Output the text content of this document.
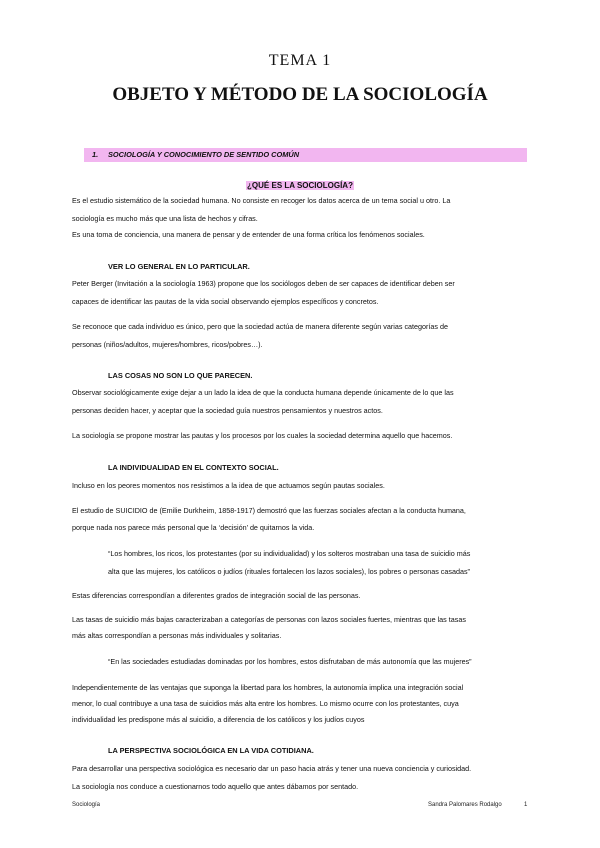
TEMA 1
OBJETO Y MÉTODO DE LA SOCIOLOGÍA
1. SOCIOLOGÍA Y CONOCIMIENTO DE SENTIDO COMÚN
¿QUÉ ES LA SOCIOLOGÍA?
Es el estudio sistemático de la sociedad humana. No consiste en recoger los datos acerca de un tema social u otro. La
sociología es mucho más que una lista de hechos y cifras.
Es una toma de conciencia, una manera de pensar y de entender de una forma crítica los fenómenos sociales.
VER LO GENERAL EN LO PARTICULAR.
Peter Berger (Invitación a la sociología 1963) propone que los sociólogos deben de ser capaces de identificar deben ser
capaces de identificar las pautas de la vida social observando ejemplos específicos y concretos.
Se reconoce que cada individuo es único, pero que la sociedad actúa de manera diferente según varias categorías de
personas (niños/adultos, mujeres/hombres, ricos/pobres…).
LAS COSAS NO SON LO QUE PARECEN.
Observar sociológicamente exige dejar a un lado la idea de que la conducta humana depende únicamente de lo que las
personas deciden hacer, y aceptar que la sociedad guía nuestros pensamientos y nuestros actos.
La sociología se propone mostrar las pautas y los procesos por los cuales la sociedad determina aquello que hacemos.
LA INDIVIDUALIDAD EN EL CONTEXTO SOCIAL.
Incluso en los peores momentos nos resistimos a la idea de que actuamos según pautas sociales.
El estudio de SUICIDIO de (Emilie Durkheim, 1858-1917) demostró que las fuerzas sociales afectan a la conducta humana,
porque nada nos parece más personal que la ‘decisión’ de quitarnos la vida.
“Los hombres, los ricos, los protestantes (por su individualidad) y los solteros mostraban una tasa de suicidio más
alta que las mujeres, los católicos o judíos (rituales fortalecen los lazos sociales), los pobres o personas casadas”
Estas diferencias correspondían a diferentes grados de integración social de las personas.
Las tasas de suicidio más bajas caracterizaban a categorías de personas con lazos sociales fuertes, mientras que las tasas
más altas correspondían a personas más individuales y solitarias.
“En las sociedades estudiadas dominadas por los hombres, estos disfrutaban de más autonomía que las mujeres”
Independientemente de las ventajas que suponga la libertad para los hombres, la autonomía implica una integración social
menor, lo cual contribuye a una tasa de suicidios más alta entre los hombres. Lo mismo ocurre con los protestantes, cuya
individualidad les predispone más al suicidio, a diferencia de los católicos y los judíos cuyos
LA PERSPECTIVA SOCIOLÓGICA EN LA VIDA COTIDIANA.
Para desarrollar una perspectiva sociológica es necesario dar un paso hacia atrás y tener una nueva conciencia y curiosidad.
La sociología nos conduce a cuestionarnos todo aquello que antes dábamos por sentado.
Sociología	Sandra Palomares Rodalgo	1
